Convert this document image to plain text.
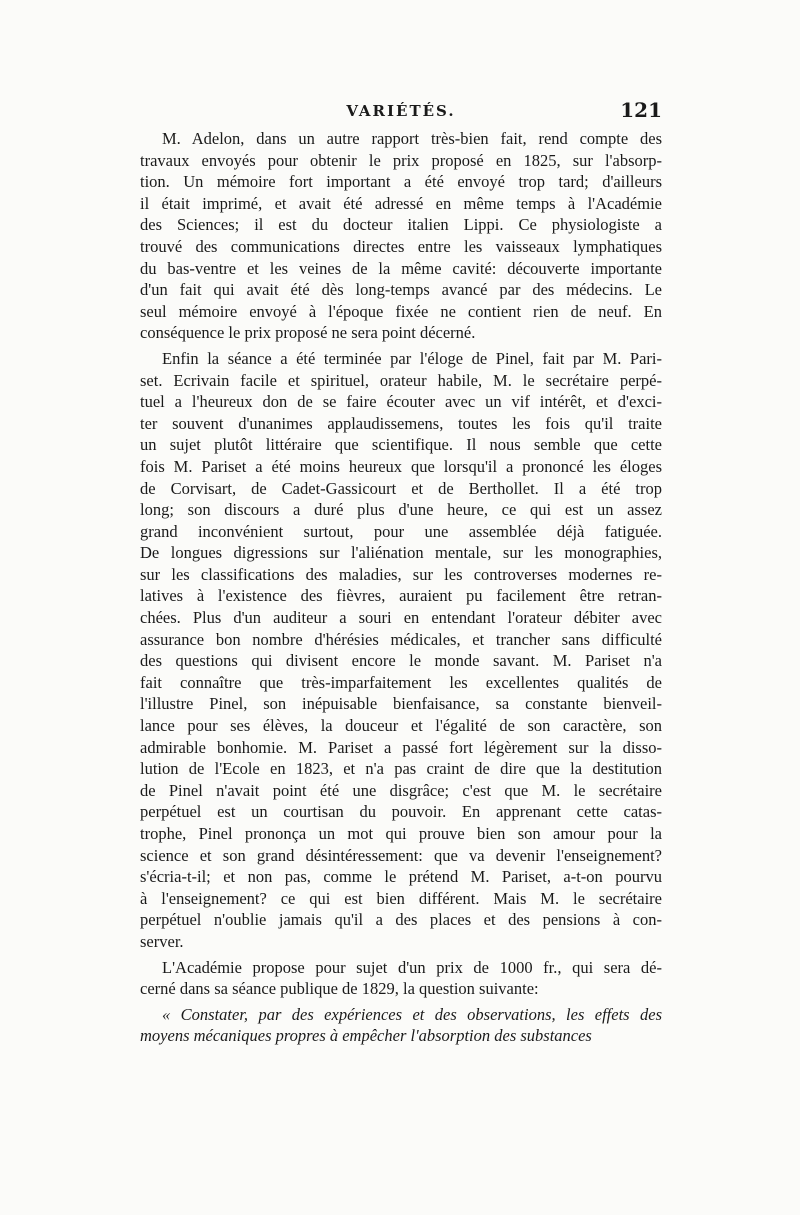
VARIÉTÉS.	121

M. Adelon, dans un autre rapport très-bien fait, rend compte des
travaux envoyés pour obtenir le prix proposé en 1825, sur l'absorp-
tion. Un mémoire fort important a été envoyé trop tard; d'ailleurs
il était imprimé, et avait été adressé en même temps à l'Académie
des Sciences; il est du docteur italien Lippi. Ce physiologiste a
trouvé des communications directes entre les vaisseaux lymphatiques
du bas-ventre et les veines de la même cavité: découverte importante
d'un fait qui avait été dès long-temps avancé par des médecins. Le
seul mémoire envoyé à l'époque fixée ne contient rien de neuf. En
conséquence le prix proposé ne sera point décerné.

Enfin la séance a été terminée par l'éloge de Pinel, fait par M. Pari-
set. Ecrivain facile et spirituel, orateur habile, M. le secrétaire perpé-
tuel a l'heureux don de se faire écouter avec un vif intérêt, et d'exci-
ter souvent d'unanimes applaudissemens, toutes les fois qu'il traite
un sujet plutôt littéraire que scientifique. Il nous semble que cette
fois M. Pariset a été moins heureux que lorsqu'il a prononcé les éloges
de Corvisart, de Cadet-Gassicourt et de Berthollet. Il a été trop
long; son discours a duré plus d'une heure, ce qui est un assez
grand inconvénient surtout, pour une assemblée déjà fatiguée.
De longues digressions sur l'aliénation mentale, sur les monographies,
sur les classifications des maladies, sur les controverses modernes re-
latives à l'existence des fièvres, auraient pu facilement être retran-
chées. Plus d'un auditeur a souri en entendant l'orateur débiter avec
assurance bon nombre d'hérésies médicales, et trancher sans difficulté
des questions qui divisent encore le monde savant. M. Pariset n'a
fait connaître que très-imparfaitement les excellentes qualités de
l'illustre Pinel, son inépuisable bienfaisance, sa constante bienveil-
lance pour ses élèves, la douceur et l'égalité de son caractère, son
admirable bonhomie. M. Pariset a passé fort légèrement sur la disso-
lution de l'Ecole en 1823, et n'a pas craint de dire que la destitution
de Pinel n'avait point été une disgrâce; c'est que M. le secrétaire
perpétuel est un courtisan du pouvoir. En apprenant cette catas-
trophe, Pinel prononça un mot qui prouve bien son amour pour la
science et son grand désintéressement: que va devenir l'enseignement?
s'écria-t-il; et non pas, comme le prétend M. Pariset, a-t-on pourvu
à l'enseignement? ce qui est bien différent. Mais M. le secrétaire
perpétuel n'oublie jamais qu'il a des places et des pensions à con-
server.

L'Académie propose pour sujet d'un prix de 1000 fr., qui sera dé-
cerné dans sa séance publique de 1829, la question suivante:

« Constater, par des expériences et des observations, les effets des
moyens mécaniques propres à empêcher l'absorption des substances
